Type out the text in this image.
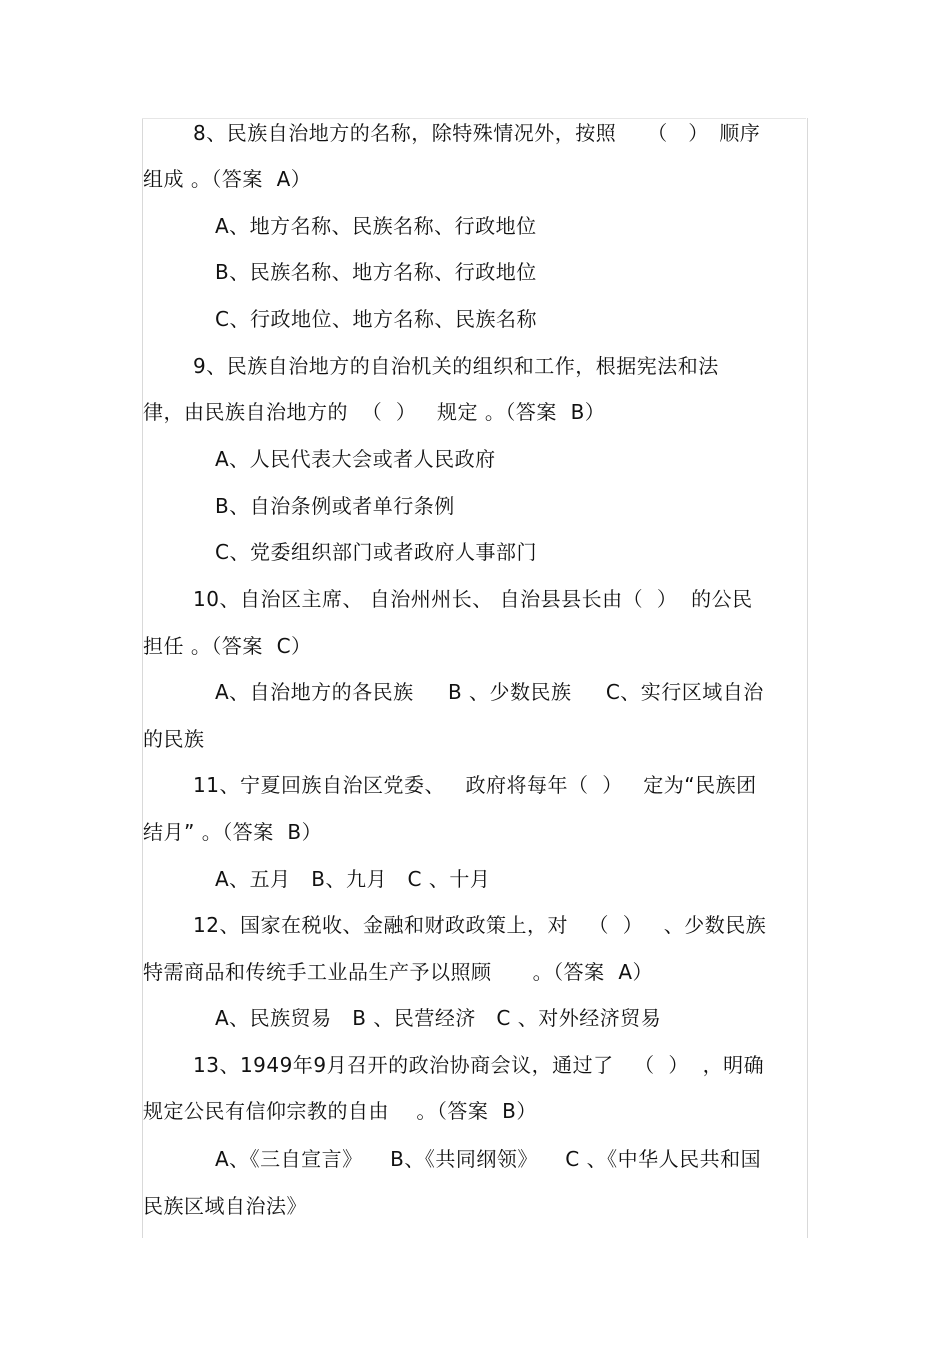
8、民族自治地方的名称，除特殊情况外，按照　　（　）　顺序
组成 。（答案  A）
A、地方名称、民族名称、行政地位
B、民族名称、地方名称、行政地位
C、行政地位、地方名称、民族名称
9、民族自治地方的自治机关的组织和工作，根据宪法和法
律，由民族自治地方的  （  ）   规定 。（答案  B）
A、人民代表大会或者人民政府
B、自治条例或者单行条例
C、党委组织部门或者政府人事部门
10、自治区主席、 自治州州长、 自治县县长由（  ）  的公民
担任 。（答案  C）
A、自治地方的各民族     B 、少数民族     C、实行区域自治
的民族
11、宁夏回族自治区党委、   政府将每年（  ）   定为“民族团
结月” 。（答案  B）
A、五月   B、九月   C 、十月
12、国家在税收、金融和财政政策上，对   （  ）   、少数民族
特需商品和传统手工业品生产予以照顾      。（答案  A）
A、民族贸易   B 、民营经济   C 、对外经济贸易
13、1949年9月召开的政治协商会议，通过了   （  ）  ，明确
规定公民有信仰宗教的自由    。（答案  B）
A、《三自宣言》    B、《共同纲领》    C 、《中华人民共和国
民族区域自治法》
